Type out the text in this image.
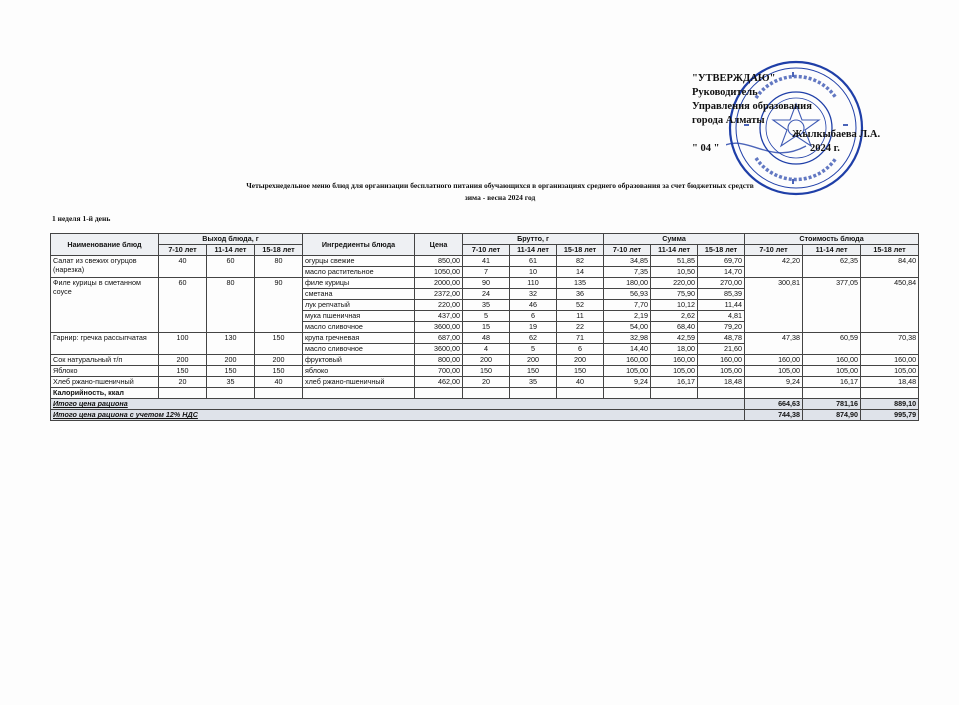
"УТВЕРЖДАЮ"
Руководитель
Управления образования
города Алматы
Жылкыбаева Л.А.
" 04 "	2024 г.
Четырехнедельное меню блюд для организации бесплатного питания обучающихся в организациях среднего образования за счет бюджетных средств
зима - весна 2024 год
1 неделя 1-й день
Наименование блюд	Выход блюда, г			Ингредиенты блюда	Цена	Брутто, г			Сумма			Стоимость блюда		
	7-10 лет	11-14 лет	15-18 лет			7-10 лет	11-14 лет	15-18 лет	7-10 лет	11-14 лет	15-18 лет	7-10 лет	11-14 лет	15-18 лет
Салат из свежих огурцов (нарезка)	40	60	80	огурцы свежие	850,00	41	61	82	34,85	51,85	69,70	42,20	62,35	84,40
				масло растительное	1050,00	7	10	14	7,35	10,50	14,70			
Филе курицы в сметанном соусе	60	80	90	филе курицы	2000,00	90	110	135	180,00	220,00	270,00	300,81	377,05	450,84
				сметана	2372,00	24	32	36	56,93	75,90	85,39			
				лук репчатый	220,00	35	46	52	7,70	10,12	11,44			
				мука пшеничная	437,00	5	6	11	2,19	2,62	4,81			
				масло сливочное	3600,00	15	19	22	54,00	68,40	79,20			
Гарнир: гречка рассыпчатая	100	130	150	крупа гречневая	687,00	48	62	71	32,98	42,59	48,78	47,38	60,59	70,38
				масло сливочное	3600,00	4	5	6	14,40	18,00	21,60			
Сок натуральный т/п	200	200	200	фруктовый	800,00	200	200	200	160,00	160,00	160,00	160,00	160,00	160,00
Яблоко	150	150	150	яблоко	700,00	150	150	150	105,00	105,00	105,00	105,00	105,00	105,00
Хлеб ржано-пшеничный	20	35	40	хлеб ржано-пшеничный	462,00	20	35	40	9,24	16,17	18,48	9,24	16,17	18,48
Калорийность, ккал														
Итого цена рациона												664,63	781,16	889,10
Итого цена рациона с учетом 12% НДС												744,38	874,90	995,79
